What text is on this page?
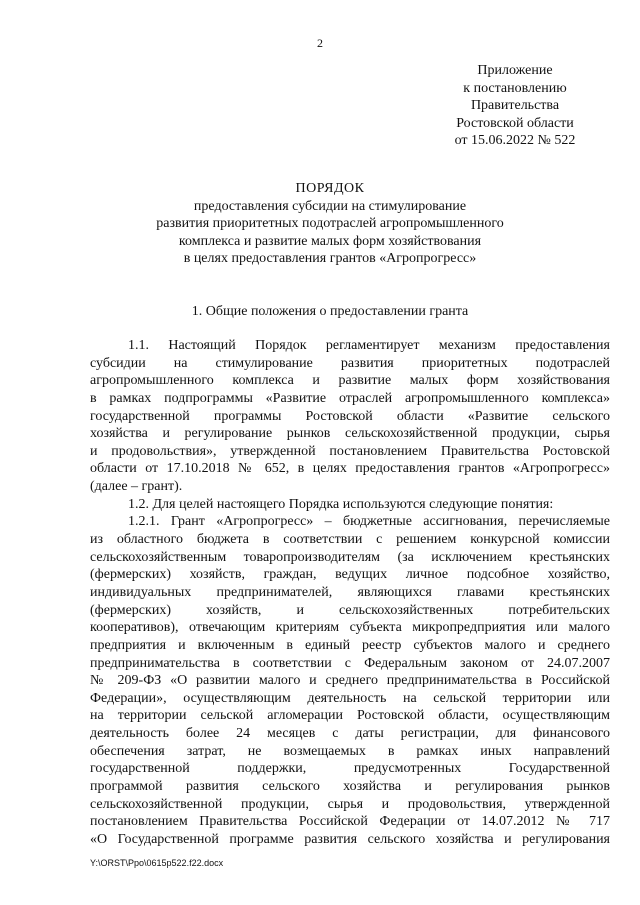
2
Приложение
к постановлению
Правительства
Ростовской области
от 15.06.2022 № 522
ПОРЯДОК
предоставления субсидии на стимулирование
развития приоритетных подотраслей агропромышленного
комплекса и развитие малых форм хозяйствования
в целях предоставления грантов «Агропрогресс»
1. Общие положения о предоставлении гранта
1.1. Настоящий Порядок регламентирует механизм предоставления
субсидии на стимулирование развития приоритетных подотраслей
агропромышленного комплекса и развитие малых форм хозяйствования
в рамках подпрограммы «Развитие отраслей агропромышленного комплекса»
государственной программы Ростовской области «Развитие сельского
хозяйства и регулирование рынков сельскохозяйственной продукции, сырья
и продовольствия», утвержденной постановлением Правительства Ростовской
области от 17.10.2018 № 652, в целях предоставления грантов «Агропрогресс»
(далее – грант).
1.2. Для целей настоящего Порядка используются следующие понятия:
1.2.1. Грант «Агропрогресс» – бюджетные ассигнования, перечисляемые
из областного бюджета в соответствии с решением конкурсной комиссии
сельскохозяйственным товаропроизводителям (за исключением крестьянских
(фермерских) хозяйств, граждан, ведущих личное подсобное хозяйство,
индивидуальных предпринимателей, являющихся главами крестьянских
(фермерских) хозяйств, и сельскохозяйственных потребительских
кооперативов), отвечающим критериям субъекта микропредприятия или малого
предприятия и включенным в единый реестр субъектов малого и среднего
предпринимательства в соответствии с Федеральным законом от 24.07.2007
№ 209-ФЗ «О развитии малого и среднего предпринимательства в Российской
Федерации», осуществляющим деятельность на сельской территории или
на территории сельской агломерации Ростовской области, осуществляющим
деятельность более 24 месяцев с даты регистрации, для финансового
обеспечения затрат, не возмещаемых в рамках иных направлений
государственной поддержки, предусмотренных Государственной
программой развития сельского хозяйства и регулирования рынков
сельскохозяйственной продукции, сырья и продовольствия, утвержденной
постановлением Правительства Российской Федерации от 14.07.2012 № 717
«О Государственной программе развития сельского хозяйства и регулирования
Y:\ORST\Ppo\0615p522.f22.docx
